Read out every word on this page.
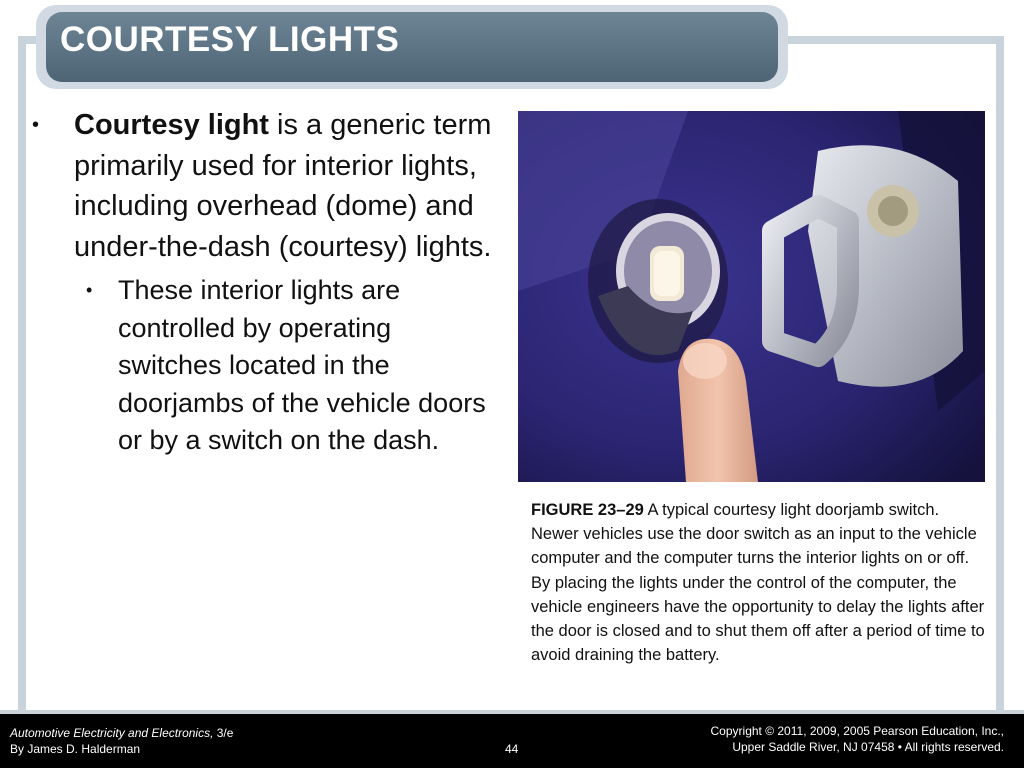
COURTESY LIGHTS
• Courtesy light is a generic term primarily used for interior lights, including overhead (dome) and under-the-dash (courtesy) lights.
• These interior lights are controlled by operating switches located in the doorjambs of the vehicle doors or by a switch on the dash.
FIGURE 23–29 A typical courtesy light doorjamb switch. Newer vehicles use the door switch as an input to the vehicle computer and the computer turns the interior lights on or off. By placing the lights under the control of the computer, the vehicle engineers have the opportunity to delay the lights after the door is closed and to shut them off after a period of time to avoid draining the battery.
Automotive Electricity and Electronics, 3/e
By James D. Halderman	44
Copyright © 2011, 2009, 2005 Pearson Education, Inc.,
Upper Saddle River, NJ 07458 • All rights reserved.
